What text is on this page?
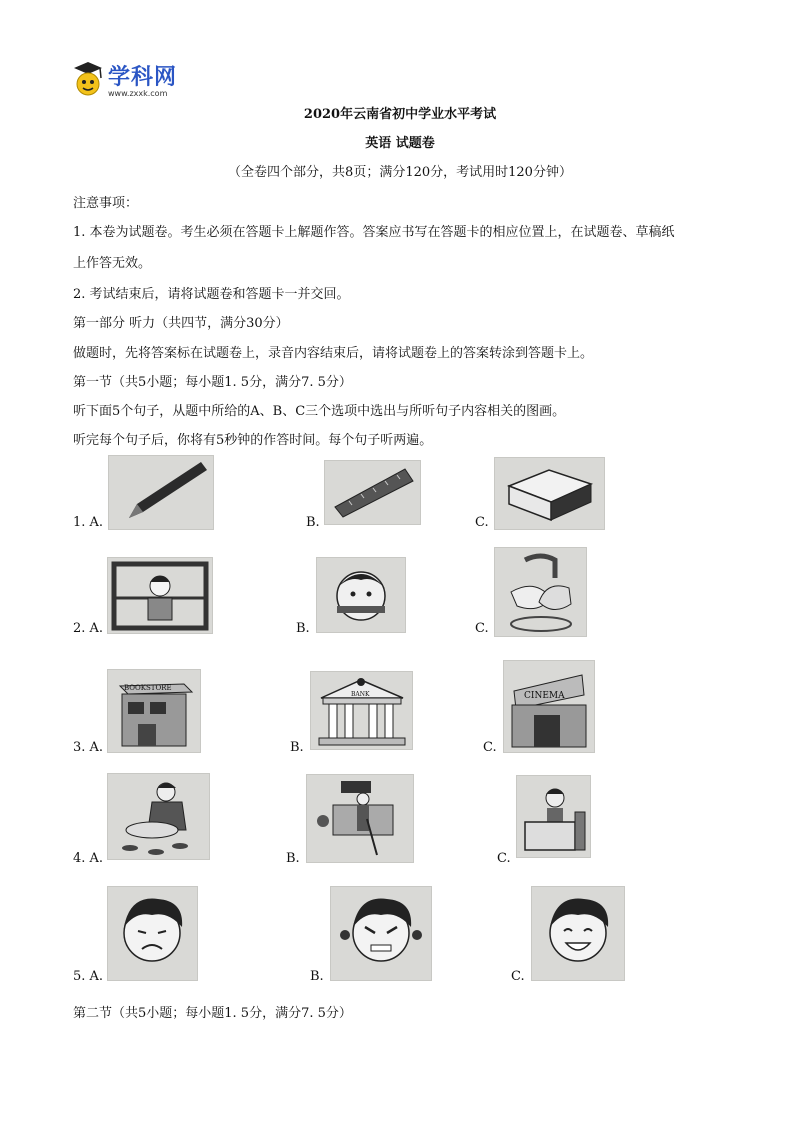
学科网
www.zxxk.com
2020年云南省初中学业水平考试
英语 试题卷
（全卷四个部分，共8页；满分120分，考试用时120分钟）
注意事项：
1. 本卷为试题卷。考生必须在答题卡上解题作答。答案应书写在答题卡的相应位置上，在试题卷、草稿纸
上作答无效。
2. 考试结束后，请将试题卷和答题卡一并交回。
第一部分 听力（共四节，满分30分）
做题时，先将答案标在试题卷上，录音内容结束后，请将试题卷上的答案转涂到答题卡上。
第一节（共5小题；每小题1. 5分，满分7. 5分）
听下面5个句子，从题中所给的A、B、C三个选项中选出与所听句子内容相关的图画。
听完每个句子后，你将有5秒钟的作答时间。每个句子听两遍。
1. A.	B.	C.
2. A.	B.	C.
3. A.
BOOKSTORE
B.
BANK
C.
CINEMA
4. A.	B.	C.
5. A.	B.	C.
第二节（共5小题；每小题1. 5分，满分7. 5分）
